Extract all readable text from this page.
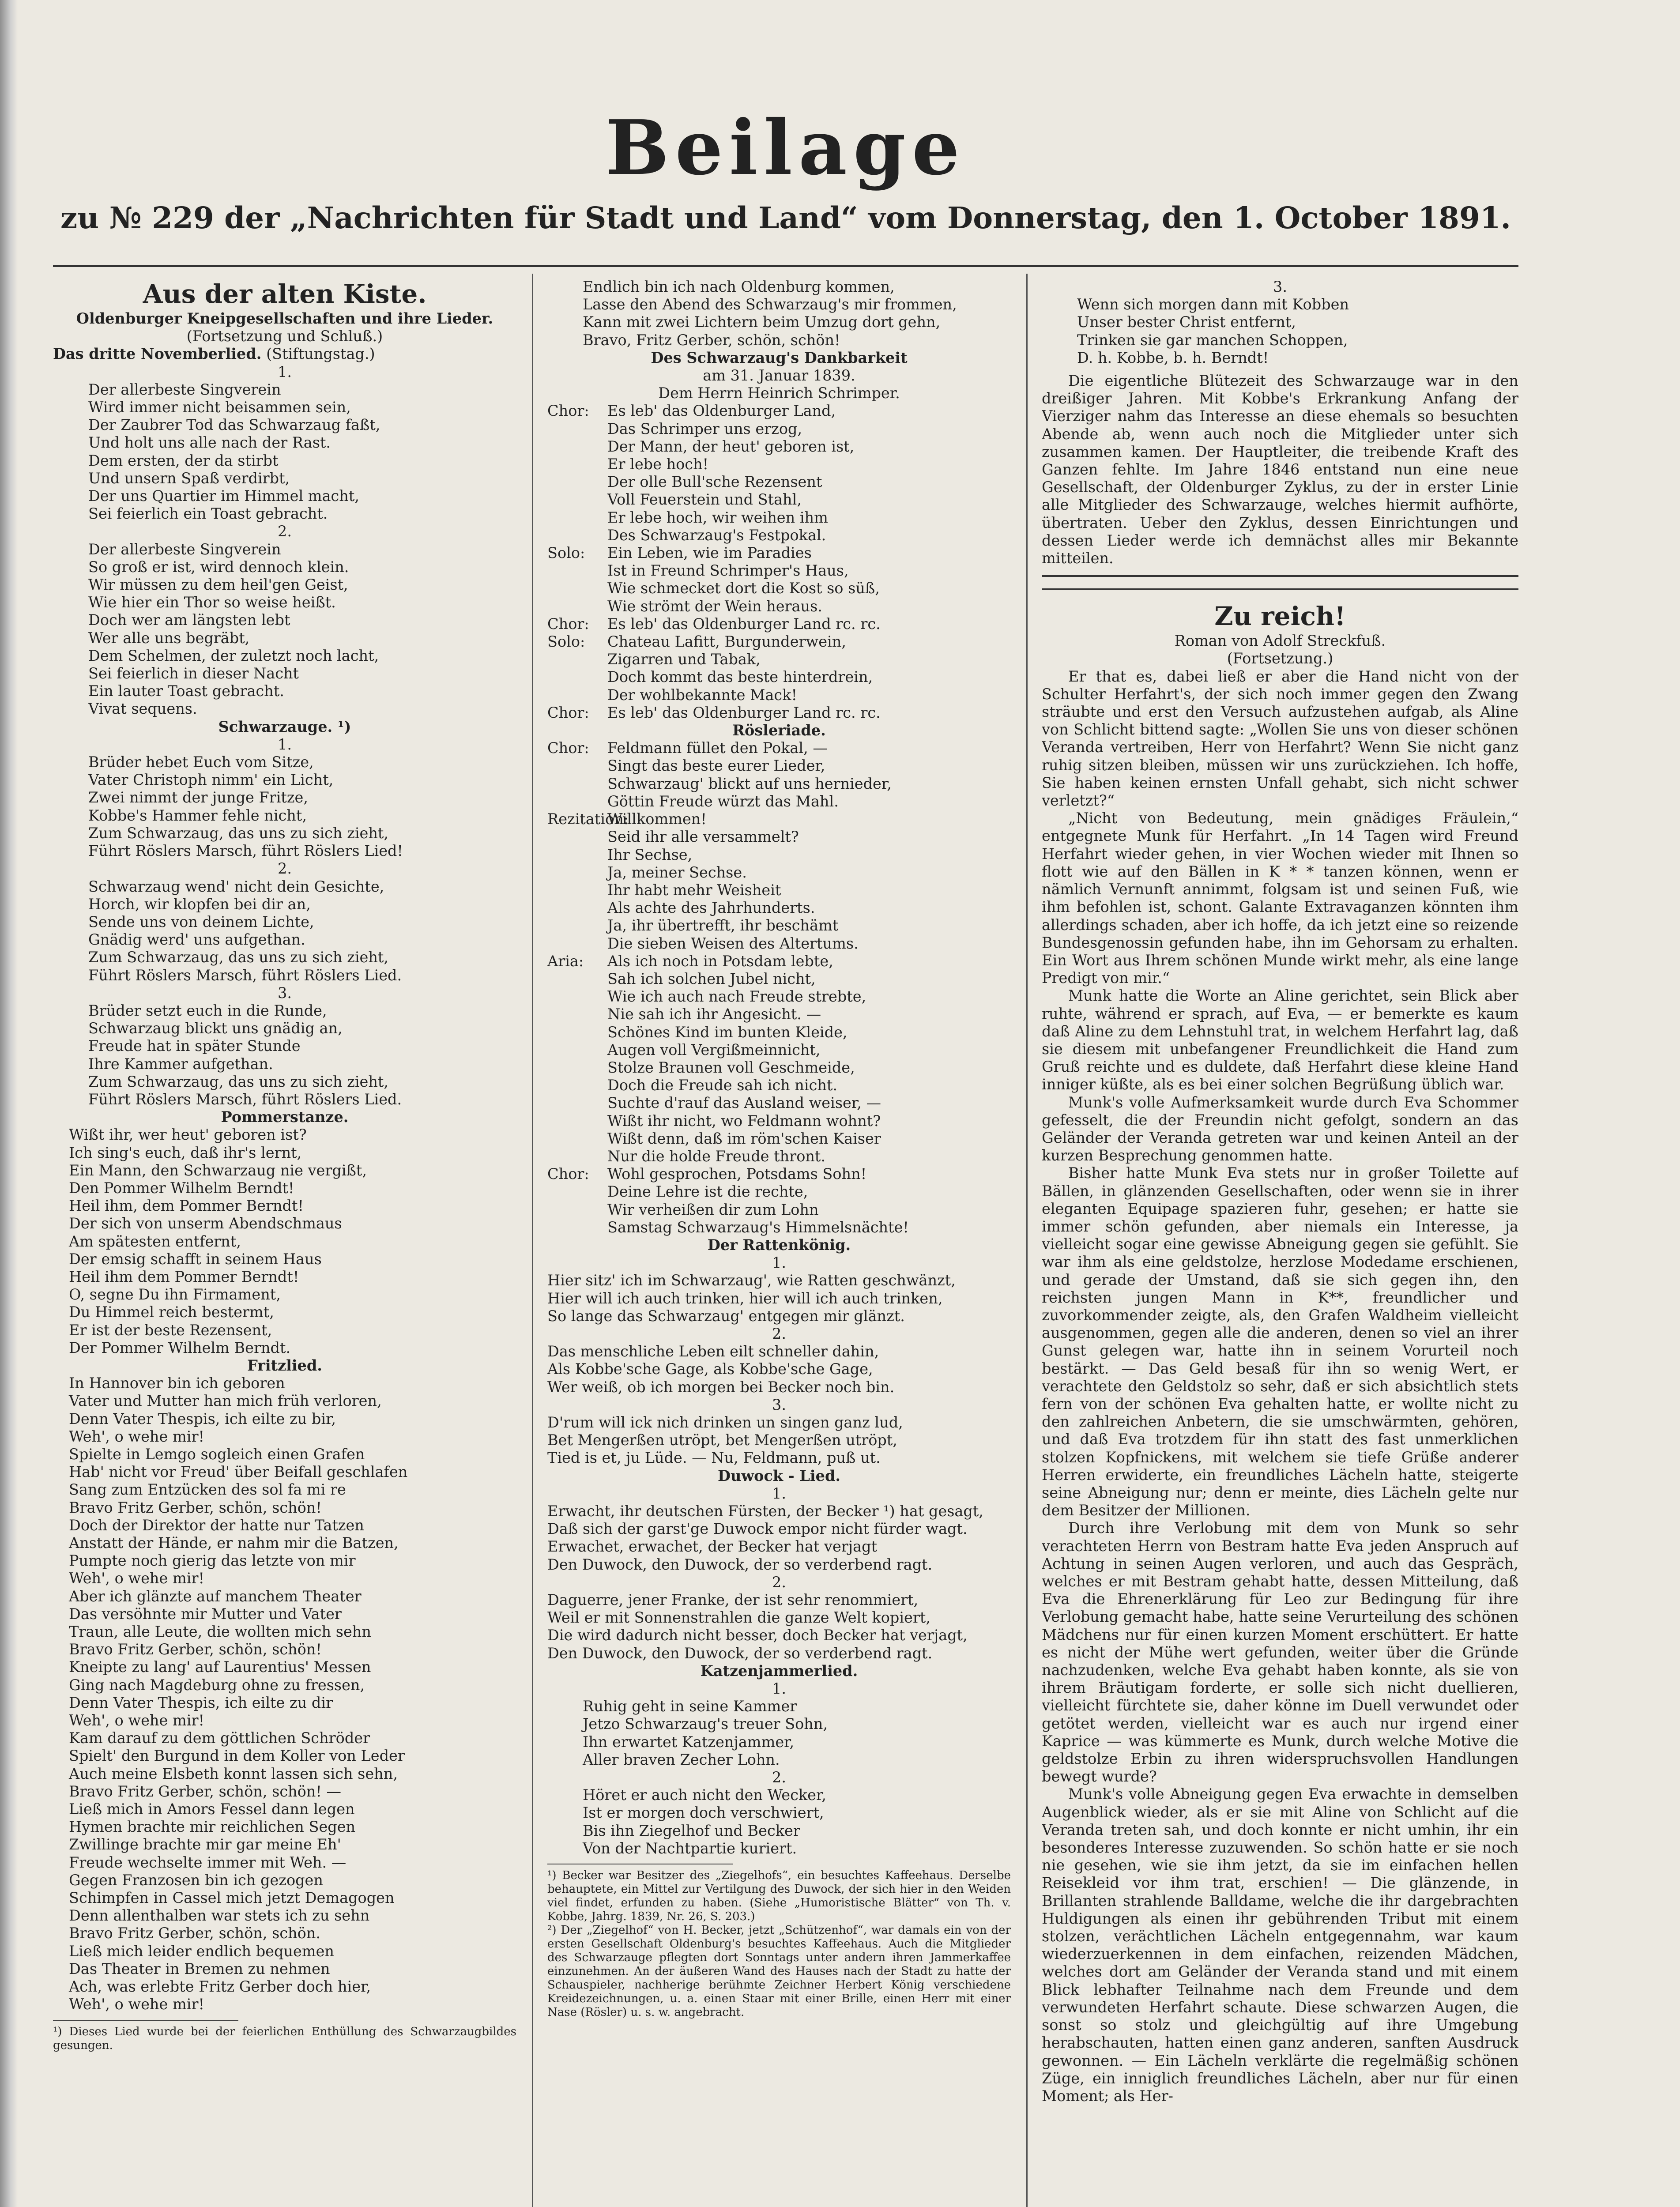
Beilage
zu № 229 der „Nachrichten für Stadt und Land“ vom Donnerstag, den 1. October 1891.
Aus der alten Kiste.
Oldenburger Kneipgesellschaften und ihre Lieder.
(Fortsetzung und Schluß.)
Das dritte Novemberlied. (Stiftungstag.)
1.
Der allerbeste Singverein
Wird immer nicht beisammen sein,
Der Zaubrer Tod das Schwarzaug faßt,
Und holt uns alle nach der Rast.
Dem ersten, der da stirbt
Und unsern Spaß verdirbt,
Der uns Quartier im Himmel macht,
Sei feierlich ein Toast gebracht.
2.
Der allerbeste Singverein
So groß er ist, wird dennoch klein.
Wir müssen zu dem heil'gen Geist,
Wie hier ein Thor so weise heißt.
Doch wer am längsten lebt
Wer alle uns begräbt,
Dem Schelmen, der zuletzt noch lacht,
Sei feierlich in dieser Nacht
Ein lauter Toast gebracht.
Vivat sequens.
Schwarzauge. ¹)
1.
Brüder hebet Euch vom Sitze,
Vater Christoph nimm' ein Licht,
Zwei nimmt der junge Fritze,
Kobbe's Hammer fehle nicht,
Zum Schwarzaug, das uns zu sich zieht,
Führt Röslers Marsch, führt Röslers Lied!
2.
Schwarzaug wend' nicht dein Gesichte,
Horch, wir klopfen bei dir an,
Sende uns von deinem Lichte,
Gnädig werd' uns aufgethan.
Zum Schwarzaug, das uns zu sich zieht,
Führt Röslers Marsch, führt Röslers Lied.
3.
Brüder setzt euch in die Runde,
Schwarzaug blickt uns gnädig an,
Freude hat in später Stunde
Ihre Kammer aufgethan.
Zum Schwarzaug, das uns zu sich zieht,
Führt Röslers Marsch, führt Röslers Lied.
Pommerstanze.
Wißt ihr, wer heut' geboren ist?
Ich sing's euch, daß ihr's lernt,
Ein Mann, den Schwarzaug nie vergißt,
Den Pommer Wilhelm Berndt!
Heil ihm, dem Pommer Berndt!
Der sich von unserm Abendschmaus
Am spätesten entfernt,
Der emsig schafft in seinem Haus
Heil ihm dem Pommer Berndt!
O, segne Du ihn Firmament,
Du Himmel reich bestermt,
Er ist der beste Rezensent,
Der Pommer Wilhelm Berndt.
Fritzlied.
In Hannover bin ich geboren
Vater und Mutter han mich früh verloren,
Denn Vater Thespis, ich eilte zu bir,
Weh', o wehe mir!
Spielte in Lemgo sogleich einen Grafen
Hab' nicht vor Freud' über Beifall geschlafen
Sang zum Entzücken des sol fa mi re
Bravo Fritz Gerber, schön, schön!
Doch der Direktor der hatte nur Tatzen
Anstatt der Hände, er nahm mir die Batzen,
Pumpte noch gierig das letzte von mir
Weh', o wehe mir!
Aber ich glänzte auf manchem Theater
Das versöhnte mir Mutter und Vater
Traun, alle Leute, die wollten mich sehn
Bravo Fritz Gerber, schön, schön!
Kneipte zu lang' auf Laurentius' Messen
Ging nach Magdeburg ohne zu fressen,
Denn Vater Thespis, ich eilte zu dir
Weh', o wehe mir!
Kam darauf zu dem göttlichen Schröder
Spielt' den Burgund in dem Koller von Leder
Auch meine Elsbeth konnt lassen sich sehn,
Bravo Fritz Gerber, schön, schön! —
Ließ mich in Amors Fessel dann legen
Hymen brachte mir reichlichen Segen
Zwillinge brachte mir gar meine Eh'
Freude wechselte immer mit Weh. —
Gegen Franzosen bin ich gezogen
Schimpfen in Cassel mich jetzt Demagogen
Denn allenthalben war stets ich zu sehn
Bravo Fritz Gerber, schön, schön.
Ließ mich leider endlich bequemen
Das Theater in Bremen zu nehmen
Ach, was erlebte Fritz Gerber doch hier,
Weh', o wehe mir!
¹) Dieses Lied wurde bei der feierlichen Enthüllung des Schwarzaugbildes gesungen.
Endlich bin ich nach Oldenburg kommen,
Lasse den Abend des Schwarzaug's mir frommen,
Kann mit zwei Lichtern beim Umzug dort gehn,
Bravo, Fritz Gerber, schön, schön!
Des Schwarzaug's Dankbarkeit
am 31. Januar 1839.
Dem Herrn Heinrich Schrimper.
Chor: Es leb' das Oldenburger Land,
Das Schrimper uns erzog,
Der Mann, der heut' geboren ist,
Er lebe hoch!
Der olle Bull'sche Rezensent
Voll Feuerstein und Stahl,
Er lebe hoch, wir weihen ihm
Des Schwarzaug's Festpokal.
Solo: Ein Leben, wie im Paradies
Ist in Freund Schrimper's Haus,
Wie schmecket dort die Kost so süß,
Wie strömt der Wein heraus.
Chor: Es leb' das Oldenburger Land rc. rc.
Solo: Chateau Lafitt, Burgunderwein,
Zigarren und Tabak,
Doch kommt das beste hinterdrein,
Der wohlbekannte Mack!
Chor: Es leb' das Oldenburger Land rc. rc.
Rösleriade.
Chor: Feldmann füllet den Pokal, —
Singt das beste eurer Lieder,
Schwarzaug' blickt auf uns hernieder,
Göttin Freude würzt das Mahl.
Rezitation:Willkommen!
Seid ihr alle versammelt?
Ihr Sechse,
Ja, meiner Sechse.
Ihr habt mehr Weisheit
Als achte des Jahrhunderts.
Ja, ihr übertrefft, ihr beschämt
Die sieben Weisen des Altertums.
Aria: Als ich noch in Potsdam lebte,
Sah ich solchen Jubel nicht,
Wie ich auch nach Freude strebte,
Nie sah ich ihr Angesicht. —
Schönes Kind im bunten Kleide,
Augen voll Vergißmeinnicht,
Stolze Braunen voll Geschmeide,
Doch die Freude sah ich nicht.
Suchte d'rauf das Ausland weiser, —
Wißt ihr nicht, wo Feldmann wohnt?
Wißt denn, daß im röm'schen Kaiser
Nur die holde Freude thront.
Chor: Wohl gesprochen, Potsdams Sohn!
Deine Lehre ist die rechte,
Wir verheißen dir zum Lohn
Samstag Schwarzaug's Himmelsnächte!
Der Rattenkönig.
1.
Hier sitz' ich im Schwarzaug', wie Ratten geschwänzt,
Hier will ich auch trinken, hier will ich auch trinken,
So lange das Schwarzaug' entgegen mir glänzt.
2.
Das menschliche Leben eilt schneller dahin,
Als Kobbe'sche Gage, als Kobbe'sche Gage,
Wer weiß, ob ich morgen bei Becker noch bin.
3.
D'rum will ick nich drinken un singen ganz lud,
Bet Mengerßen utröpt, bet Mengerßen utröpt,
Tied is et, ju Lüde. — Nu, Feldmann, puß ut.
Duwock - Lied.
1.
Erwacht, ihr deutschen Fürsten, der Becker ¹) hat gesagt,
Daß sich der garst'ge Duwock empor nicht fürder wagt.
Erwachet, erwachet, der Becker hat verjagt
Den Duwock, den Duwock, der so verderbend ragt.
2.
Daguerre, jener Franke, der ist sehr renommiert,
Weil er mit Sonnenstrahlen die ganze Welt kopiert,
Die wird dadurch nicht besser, doch Becker hat verjagt,
Den Duwock, den Duwock, der so verderbend ragt.
Katzenjammerlied.
1.
Ruhig geht in seine Kammer
Jetzo Schwarzaug's treuer Sohn,
Ihn erwartet Katzenjammer,
Aller braven Zecher Lohn.
2.
Höret er auch nicht den Wecker,
Ist er morgen doch verschwiert,
Bis ihn Ziegelhof und Becker
Von der Nachtpartie kuriert.
¹) Becker war Besitzer des „Ziegelhofs“, ein besuchtes Kaffeehaus. Derselbe behauptete, ein Mittel zur Vertilgung des Duwock, der sich hier in den Weiden viel findet, erfunden zu haben. (Siehe „Humoristische Blätter“ von Th. v. Kobbe, Jahrg. 1839, Nr. 26, S. 203.)
²) Der „Ziegelhof“ von H. Becker, jetzt „Schützenhof“, war damals ein von der ersten Gesellschaft Oldenburg's besuchtes Kaffeehaus. Auch die Mitglieder des Schwarzauge pflegten dort Sonntags unter andern ihren Jammerkaffee einzunehmen. An der äußeren Wand des Hauses nach der Stadt zu hatte der Schauspieler, nachherige berühmte Zeichner Herbert König verschiedene Kreidezeichnungen, u. a. einen Staar mit einer Brille, einen Herr mit einer Nase (Rösler) u. s. w. angebracht.
3.
Wenn sich morgen dann mit Kobben
Unser bester Christ entfernt,
Trinken sie gar manchen Schoppen,
D. h. Kobbe, b. h. Berndt!

Die eigentliche Blütezeit des Schwarzauge war in den dreißiger Jahren. Mit Kobbe's Erkrankung Anfang der Vierziger nahm das Interesse an diese ehemals so besuchten Abende ab, wenn auch noch die Mitglieder unter sich zusammen kamen. Der Hauptleiter, die treibende Kraft des Ganzen fehlte. Im Jahre 1846 entstand nun eine neue Gesellschaft, der Oldenburger Zyklus, zu der in erster Linie alle Mitglieder des Schwarzauge, welches hiermit aufhörte, übertraten. Ueber den Zyklus, dessen Einrichtungen und dessen Lieder werde ich demnächst alles mir Bekannte mitteilen.

Zu reich!
Roman von Adolf Streckfuß.
(Fortsetzung.)

Er that es, dabei ließ er aber die Hand nicht von der Schulter Herfahrt's, der sich noch immer gegen den Zwang sträubte und erst den Versuch aufzustehen aufgab, als Aline von Schlicht bittend sagte: „Wollen Sie uns von dieser schönen Veranda vertreiben, Herr von Herfahrt? Wenn Sie nicht ganz ruhig sitzen bleiben, müssen wir uns zurückziehen. Ich hoffe, Sie haben keinen ernsten Unfall gehabt, sich nicht schwer verletzt?“

„Nicht von Bedeutung, mein gnädiges Fräulein,“ entgegnete Munk für Herfahrt. „In 14 Tagen wird Freund Herfahrt wieder gehen, in vier Wochen wieder mit Ihnen so flott wie auf den Bällen in K * * tanzen können, wenn er nämlich Vernunft annimmt, folgsam ist und seinen Fuß, wie ihm befohlen ist, schont. Galante Extravaganzen könnten ihm allerdings schaden, aber ich hoffe, da ich jetzt eine so reizende Bundesgenossin gefunden habe, ihn im Gehorsam zu erhalten. Ein Wort aus Ihrem schönen Munde wirkt mehr, als eine lange Predigt von mir.“

Munk hatte die Worte an Aline gerichtet, sein Blick aber ruhte, während er sprach, auf Eva, — er bemerkte es kaum daß Aline zu dem Lehnstuhl trat, in welchem Herfahrt lag, daß sie diesem mit unbefangener Freundlichkeit die Hand zum Gruß reichte und es duldete, daß Herfahrt diese kleine Hand inniger küßte, als es bei einer solchen Begrüßung üblich war.

Munk's volle Aufmerksamkeit wurde durch Eva Schommer gefesselt, die der Freundin nicht gefolgt, sondern an das Geländer der Veranda getreten war und keinen Anteil an der kurzen Besprechung genommen hatte.

Bisher hatte Munk Eva stets nur in großer Toilette auf Bällen, in glänzenden Gesellschaften, oder wenn sie in ihrer eleganten Equipage spazieren fuhr, gesehen; er hatte sie immer schön gefunden, aber niemals ein Interesse, ja vielleicht sogar eine gewisse Abneigung gegen sie gefühlt. Sie war ihm als eine geldstolze, herzlose Modedame erschienen, und gerade der Umstand, daß sie sich gegen ihn, den reichsten jungen Mann in K**, freundlicher und zuvorkommender zeigte, als, den Grafen Waldheim vielleicht ausgenommen, gegen alle die anderen, denen so viel an ihrer Gunst gelegen war, hatte ihn in seinem Vorurteil noch bestärkt. — Das Geld besaß für ihn so wenig Wert, er verachtete den Geldstolz so sehr, daß er sich absichtlich stets fern von der schönen Eva gehalten hatte, er wollte nicht zu den zahlreichen Anbetern, die sie umschwärmten, gehören, und daß Eva trotzdem für ihn statt des fast unmerklichen stolzen Kopfnickens, mit welchem sie tiefe Grüße anderer Herren erwiderte, ein freundliches Lächeln hatte, steigerte seine Abneigung nur; denn er meinte, dies Lächeln gelte nur dem Besitzer der Millionen.

Durch ihre Verlobung mit dem von Munk so sehr verachteten Herrn von Bestram hatte Eva jeden Anspruch auf Achtung in seinen Augen verloren, und auch das Gespräch, welches er mit Bestram gehabt hatte, dessen Mitteilung, daß Eva die Ehrenerklärung für Leo zur Bedingung für ihre Verlobung gemacht habe, hatte seine Verurteilung des schönen Mädchens nur für einen kurzen Moment erschüttert. Er hatte es nicht der Mühe wert gefunden, weiter über die Gründe nachzudenken, welche Eva gehabt haben konnte, als sie von ihrem Bräutigam forderte, er solle sich nicht duellieren, vielleicht fürchtete sie, daher könne im Duell verwundet oder getötet werden, vielleicht war es auch nur irgend einer Kaprice — was kümmerte es Munk, durch welche Motive die geldstolze Erbin zu ihren widerspruchsvollen Handlungen bewegt wurde?

Munk's volle Abneigung gegen Eva erwachte in demselben Augenblick wieder, als er sie mit Aline von Schlicht auf die Veranda treten sah, und doch konnte er nicht umhin, ihr ein besonderes Interesse zuzuwenden. So schön hatte er sie noch nie gesehen, wie sie ihm jetzt, da sie im einfachen hellen Reisekleid vor ihm trat, erschien! — Die glänzende, in Brillanten strahlende Balldame, welche die ihr dargebrachten Huldigungen als einen ihr gebührenden Tribut mit einem stolzen, verächtlichen Lächeln entgegennahm, war kaum wiederzuerkennen in dem einfachen, reizenden Mädchen, welches dort am Geländer der Veranda stand und mit einem Blick lebhafter Teilnahme nach dem Freunde und dem verwundeten Herfahrt schaute. Diese schwarzen Augen, die sonst so stolz und gleichgültig auf ihre Umgebung herabschauten, hatten einen ganz anderen, sanften Ausdruck gewonnen. — Ein Lächeln verklärte die regelmäßig schönen Züge, ein inniglich freundliches Lächeln, aber nur für einen Moment; als Her-
